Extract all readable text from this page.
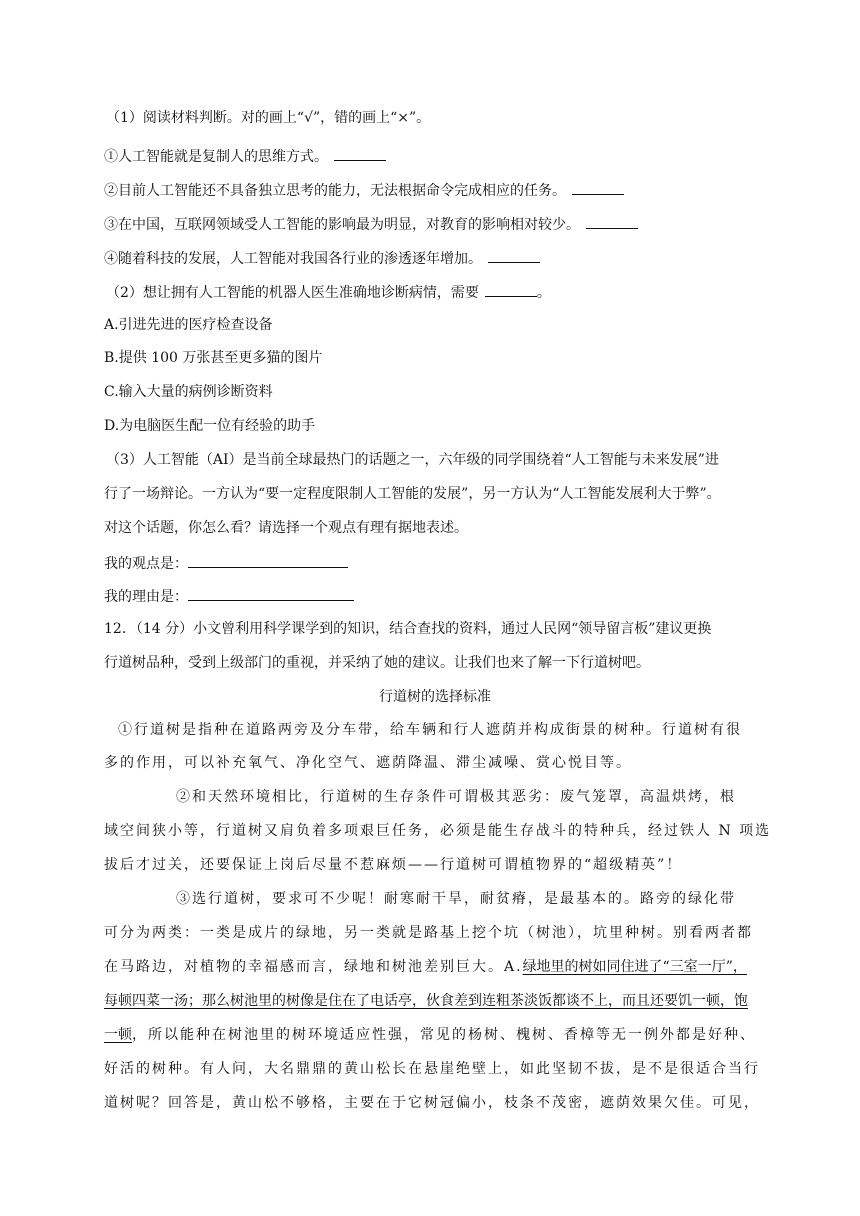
（1）阅读材料判断。对的画上“√”，错的画上“×”。
①人工智能就是复制人的思维方式。
②目前人工智能还不具备独立思考的能力，无法根据命令完成相应的任务。
③在中国，互联网领域受人工智能的影响最为明显，对教育的影响相对较少。
④随着科技的发展，人工智能对我国各行业的渗透逐年增加。
（2）想让拥有人工智能的机器人医生准确地诊断病情，需要	。
A.引进先进的医疗检查设备
B.提供 100 万张甚至更多猫的图片
C.输入大量的病例诊断资料
D.为电脑医生配一位有经验的助手
（3）人工智能（AI）是当前全球最热门的话题之一，六年级的同学围绕着“人工智能与未来发展”进
行了一场辩论。一方认为“要一定程度限制人工智能的发展”，另一方认为“人工智能发展利大于弊”。
对这个话题，你怎么看？请选择一个观点有理有据地表述。
我的观点是：
我的理由是：
12．（14 分）小文曾利用科学课学到的知识，结合查找的资料，通过人民网“领导留言板”建议更换
行道树品种，受到上级部门的重视，并采纳了她的建议。让我们也来了解一下行道树吧。
行道树的选择标准
①行道树是指种在道路两旁及分车带，给车辆和行人遮荫并构成街景的树种。行道树有很
多的作用，可以补充氧气、净化空气、遮荫降温、滞尘减噪、赏心悦目等。
②和天然环境相比，行道树的生存条件可谓极其恶劣：废气笼罩，高温烘烤，根
域空间狭小等，行道树又肩负着多项艰巨任务，必须是能生存战斗的特种兵，经过铁人 N 项选
拔后才过关，还要保证上岗后尽量不惹麻烦——行道树可谓植物界的“超级精英”！
③选行道树，要求可不少呢！耐寒耐干旱，耐贫瘠，是最基本的。路旁的绿化带
可分为两类：一类是成片的绿地，另一类就是路基上挖个坑（树池），坑里种树。别看两者都
在马路边，对植物的幸福感而言，绿地和树池差别巨大。A.绿地里的树如同住进了“三室一厅”，
每顿四菜一汤；那么树池里的树像是住在了电话亭，伙食差到连粗茶淡饭都谈不上，而且还要饥一顿，饱
一顿，所以能种在树池里的树环境适应性强，常见的杨树、槐树、香樟等无一例外都是好种、
好活的树种。有人问，大名鼎鼎的黄山松长在悬崖绝壁上，如此坚韧不拔，是不是很适合当行
道树呢？回答是，黄山松不够格，主要在于它树冠偏小，枝条不茂密，遮荫效果欠佳。可见，
